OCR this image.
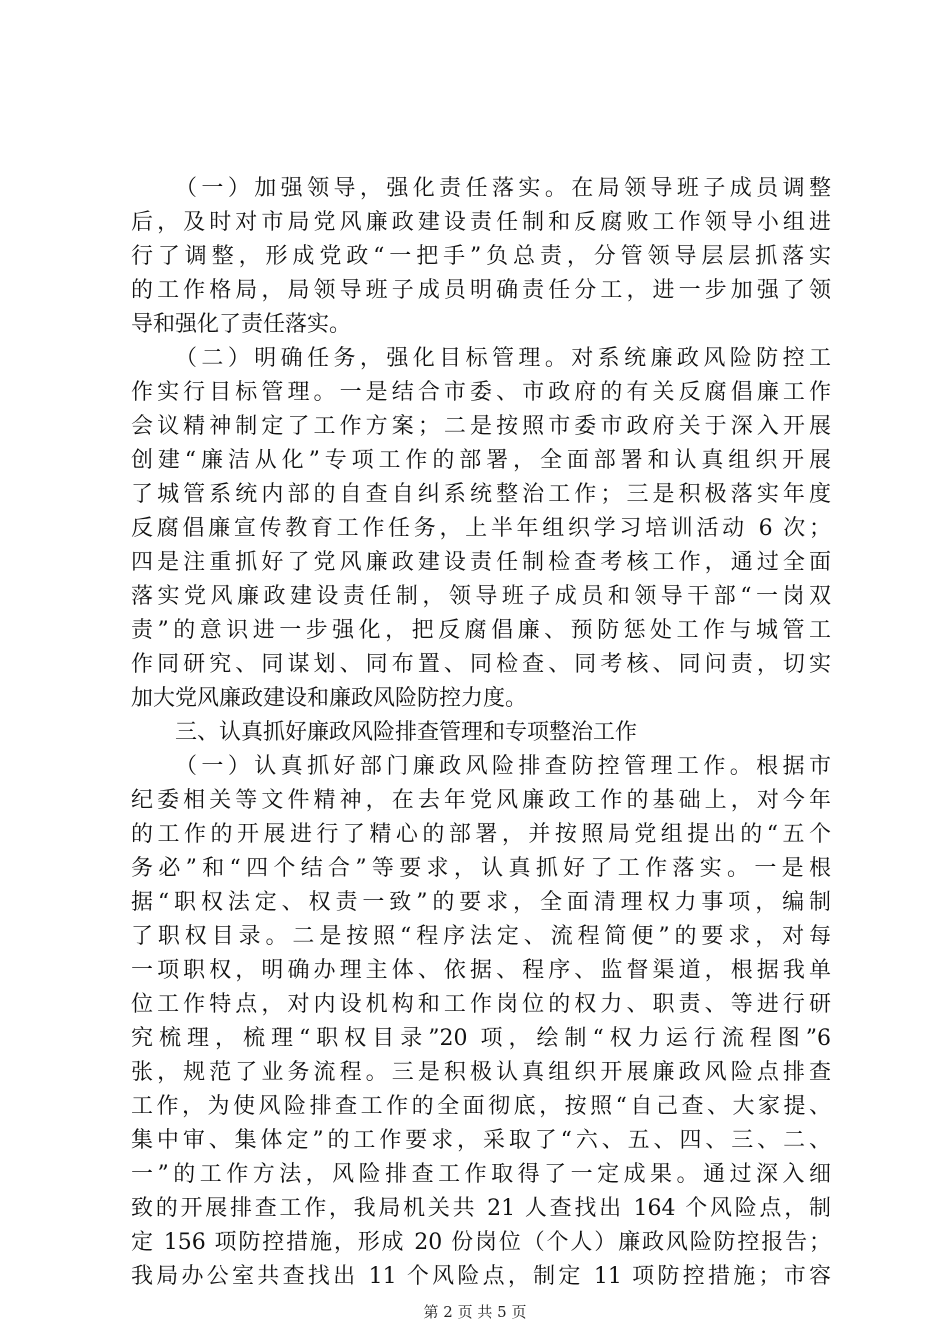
（一）加强领导，强化责任落实。在局领导班子成员调整
后，及时对市局党风廉政建设责任制和反腐败工作领导小组进
行了调整，形成党政“一把手”负总责，分管领导层层抓落实
的工作格局，局领导班子成员明确责任分工，进一步加强了领
导和强化了责任落实。
（二）明确任务，强化目标管理。对系统廉政风险防控工
作实行目标管理。一是结合市委、市政府的有关反腐倡廉工作
会议精神制定了工作方案；二是按照市委市政府关于深入开展
创建“廉洁从化”专项工作的部署，全面部署和认真组织开展
了城管系统内部的自查自纠系统整治工作；三是积极落实年度
反腐倡廉宣传教育工作任务，上半年组织学习培训活动 6 次；
四是注重抓好了党风廉政建设责任制检查考核工作，通过全面
落实党风廉政建设责任制，领导班子成员和领导干部“一岗双
责”的意识进一步强化，把反腐倡廉、预防惩处工作与城管工
作同研究、同谋划、同布置、同检查、同考核、同问责，切实
加大党风廉政建设和廉政风险防控力度。
三、认真抓好廉政风险排查管理和专项整治工作
（一）认真抓好部门廉政风险排查防控管理工作。根据市
纪委相关等文件精神，在去年党风廉政工作的基础上，对今年
的工作的开展进行了精心的部署，并按照局党组提出的“五个
务必”和“四个结合”等要求，认真抓好了工作落实。一是根
据“职权法定、权责一致”的要求，全面清理权力事项，编制
了职权目录。二是按照“程序法定、流程简便”的要求，对每
一项职权，明确办理主体、依据、程序、监督渠道，根据我单
位工作特点，对内设机构和工作岗位的权力、职责、等进行研
究梳理，梳理“职权目录”20 项，绘制“权力运行流程图”6
张，规范了业务流程。三是积极认真组织开展廉政风险点排查
工作，为使风险排查工作的全面彻底，按照“自己查、大家提、
集中审、集体定”的工作要求，采取了“六、五、四、三、二、
一”的工作方法，风险排查工作取得了一定成果。通过深入细
致的开展排查工作，我局机关共 21 人查找出 164 个风险点，制
定 156 项防控措施，形成 20 份岗位（个人）廉政风险防控报告；
我局办公室共查找出 11 个风险点，制定 11 项防控措施；市容
第 2 页 共 5 页
